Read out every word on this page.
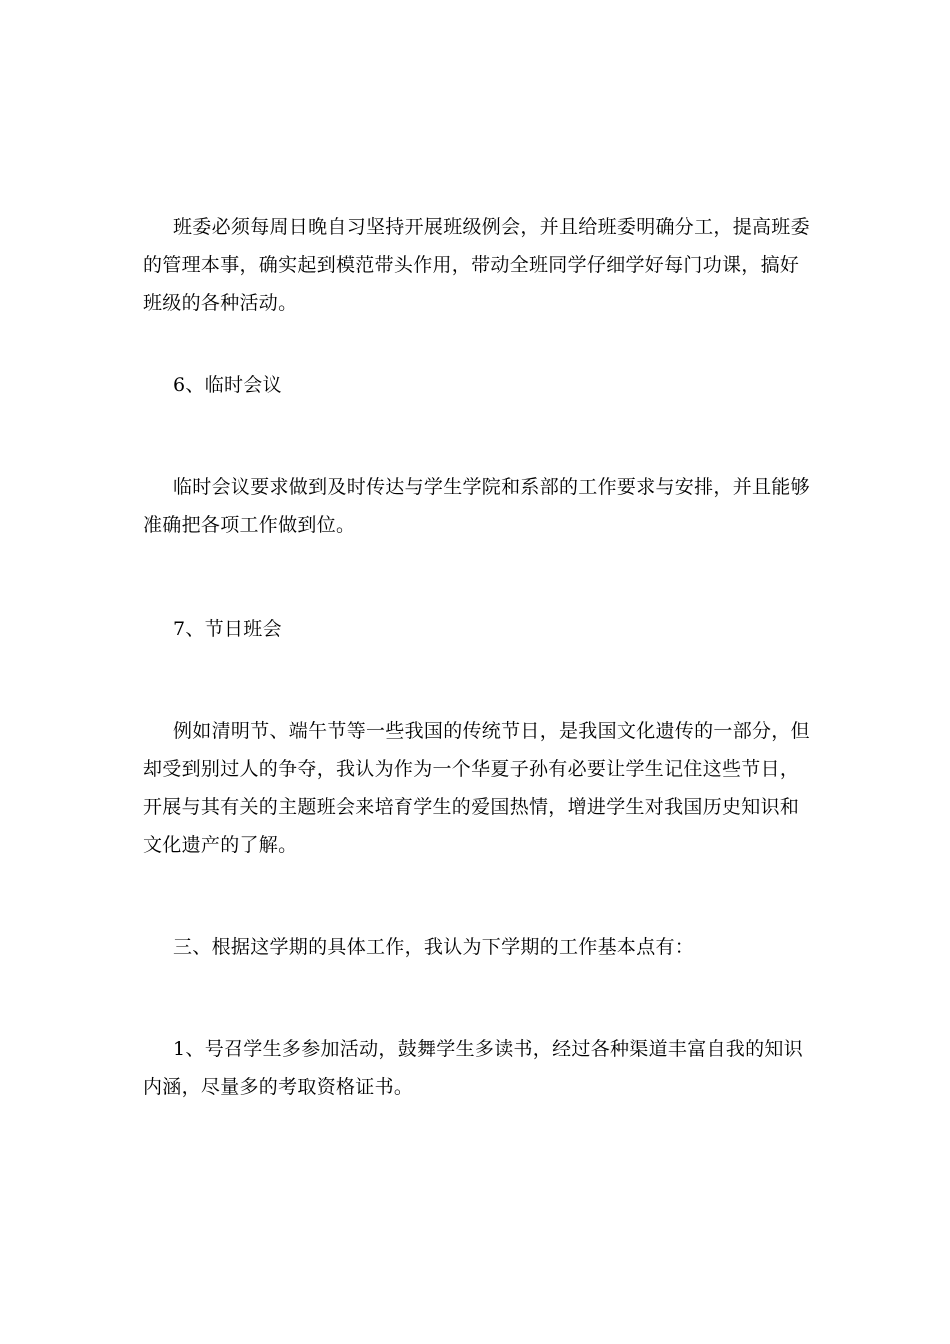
班委必须每周日晚自习坚持开展班级例会，并且给班委明确分工，提高班委
的管理本事，确实起到模范带头作用，带动全班同学仔细学好每门功课，搞好
班级的各种活动。

6、临时会议

临时会议要求做到及时传达与学生学院和系部的工作要求与安排，并且能够
准确把各项工作做到位。

7、节日班会

例如清明节、端午节等一些我国的传统节日，是我国文化遗传的一部分，但
却受到别过人的争夺，我认为作为一个华夏子孙有必要让学生记住这些节日，
开展与其有关的主题班会来培育学生的爱国热情，增进学生对我国历史知识和
文化遗产的了解。

三、根据这学期的具体工作，我认为下学期的工作基本点有：

1、号召学生多参加活动，鼓舞学生多读书，经过各种渠道丰富自我的知识
内涵，尽量多的考取资格证书。
